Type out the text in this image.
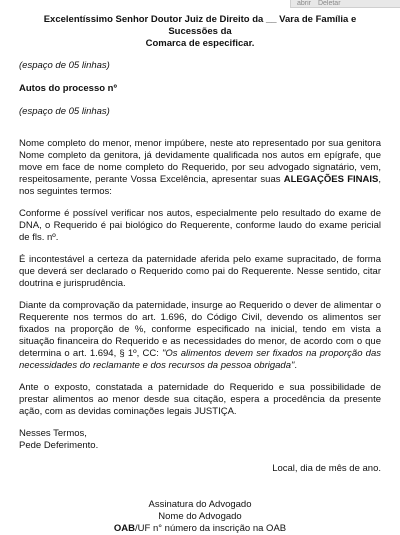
abrir Deletar

Excelentíssimo Senhor Doutor Juiz de Direito da __ Vara de Família e Sucessões da
Comarca de especificar.

(espaço de 05 linhas)

Autos do processo nº

(espaço de 05 linhas)

Nome completo do menor, menor impúbere, neste ato representado por sua genitora Nome completo da genitora, já devidamente qualificada nos autos em epígrafe, que move em face de nome completo do Requerido, por seu advogado signatário, vem, respeitosamente, perante Vossa Excelência, apresentar suas ALEGAÇÕES FINAIS, nos seguintes termos:

Conforme é possível verificar nos autos, especialmente pelo resultado do exame de DNA, o Requerido é pai biológico do Requerente, conforme laudo do exame pericial de fls. nº.

É incontestável a certeza da paternidade aferida pelo exame supracitado, de forma que deverá ser declarado o Requerido como pai do Requerente. Nesse sentido, citar doutrina e jurisprudência.

Diante da comprovação da paternidade, insurge ao Requerido o dever de alimentar o Requerente nos termos do art. 1.696, do Código Civil, devendo os alimentos ser fixados na proporção de %, conforme especificado na inicial, tendo em vista a situação financeira do Requerido e as necessidades do menor, de acordo com o que determina o art. 1.694, § 1º, CC: "Os alimentos devem ser fixados na proporção das necessidades do reclamante e dos recursos da pessoa obrigada".

Ante o exposto, constatada a paternidade do Requerido e sua possibilidade de prestar alimentos ao menor desde sua citação, espera a procedência da presente ação, com as devidas cominações legais JUSTIÇA.

Nesses Termos,
Pede Deferimento.

Local, dia de mês de ano.

Assinatura do Advogado
Nome do Advogado
OAB/UF n° número da inscrição na OAB
